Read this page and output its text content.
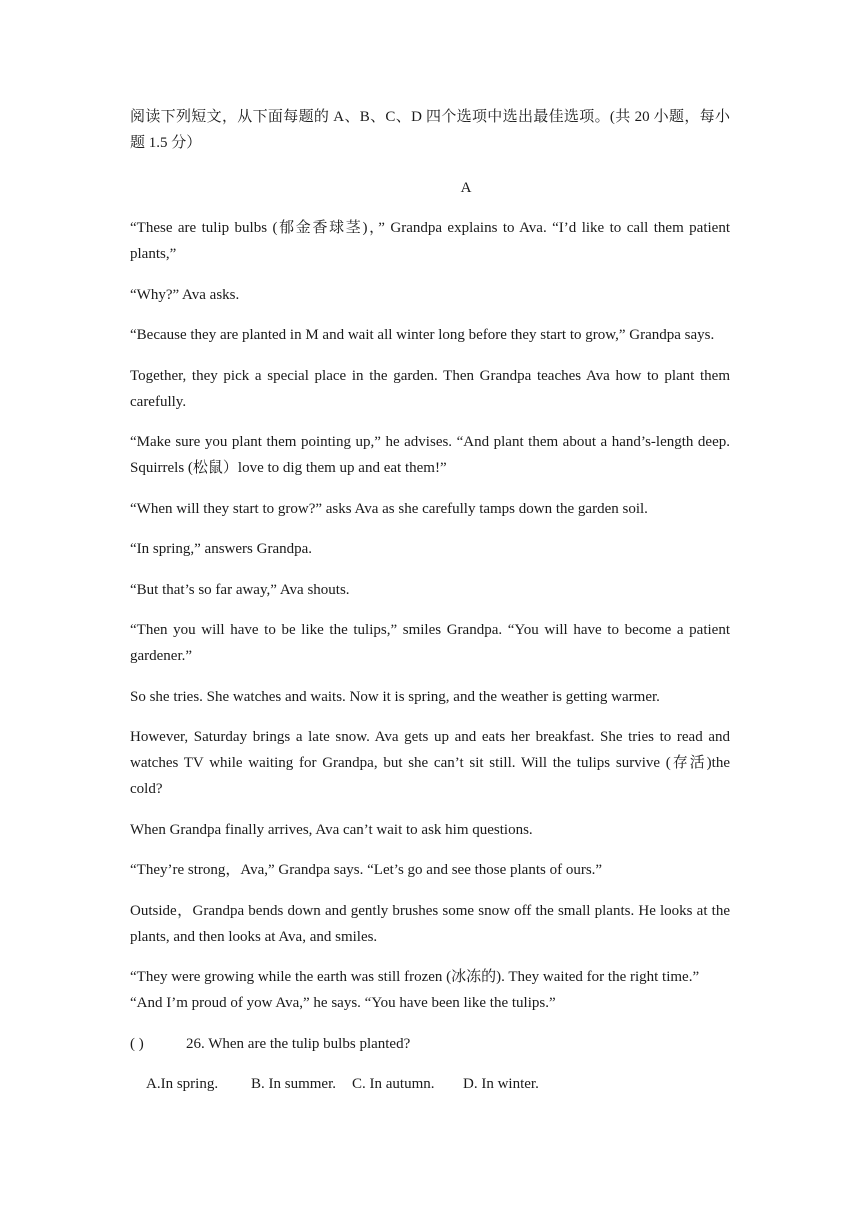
阅读下列短文，从下面每题的 A、B、C、D 四个选项中选出最佳选项。(共 20 小题，每小 题 1.5 分）

A

“These are tulip bulbs (郁金香球茎)，” Grandpa explains to Ava. “I’d like to call them patient plants,”

“Why?” Ava asks.

“Because they are planted in M and wait all winter long before they start to grow,” Grandpa says.

Together, they pick a special place in the garden. Then Grandpa teaches Ava how to plant them carefully.

“Make sure you plant them pointing up,” he advises. “And plant them about a hand’s-length deep. Squirrels (松鼠）love to dig them up and eat them!”

“When will they start to grow?” asks Ava as she carefully tamps down the garden soil.

“In spring,” answers Grandpa.

“But that’s so far away,” Ava shouts.

“Then you will have to be like the tulips,” smiles Grandpa. “You will have to become a patient gardener.”

So she tries. She watches and waits. Now it is spring, and the weather is getting warmer.

However, Saturday brings a late snow. Ava gets up and eats her breakfast. She tries to read and watches TV while waiting for Grandpa, but she can’t sit still. Will the tulips survive (存活)the cold?

When Grandpa finally arrives, Ava can’t wait to ask him questions.

“They’re strong，Ava,” Grandpa says. “Let’s go and see those plants of ours.”

Outside，Grandpa bends down and gently brushes some snow off the small plants. He looks at the plants, and then looks at Ava, and smiles.

“They were growing while the earth was still frozen (冰冻的). They waited for the right time.”

“And I’m proud of yow Ava,” he says. “You have been like the tulips.”

( )	26. When are the tulip bulbs planted?
A.In spring. B. In summer. C. In autumn. D. In winter.
